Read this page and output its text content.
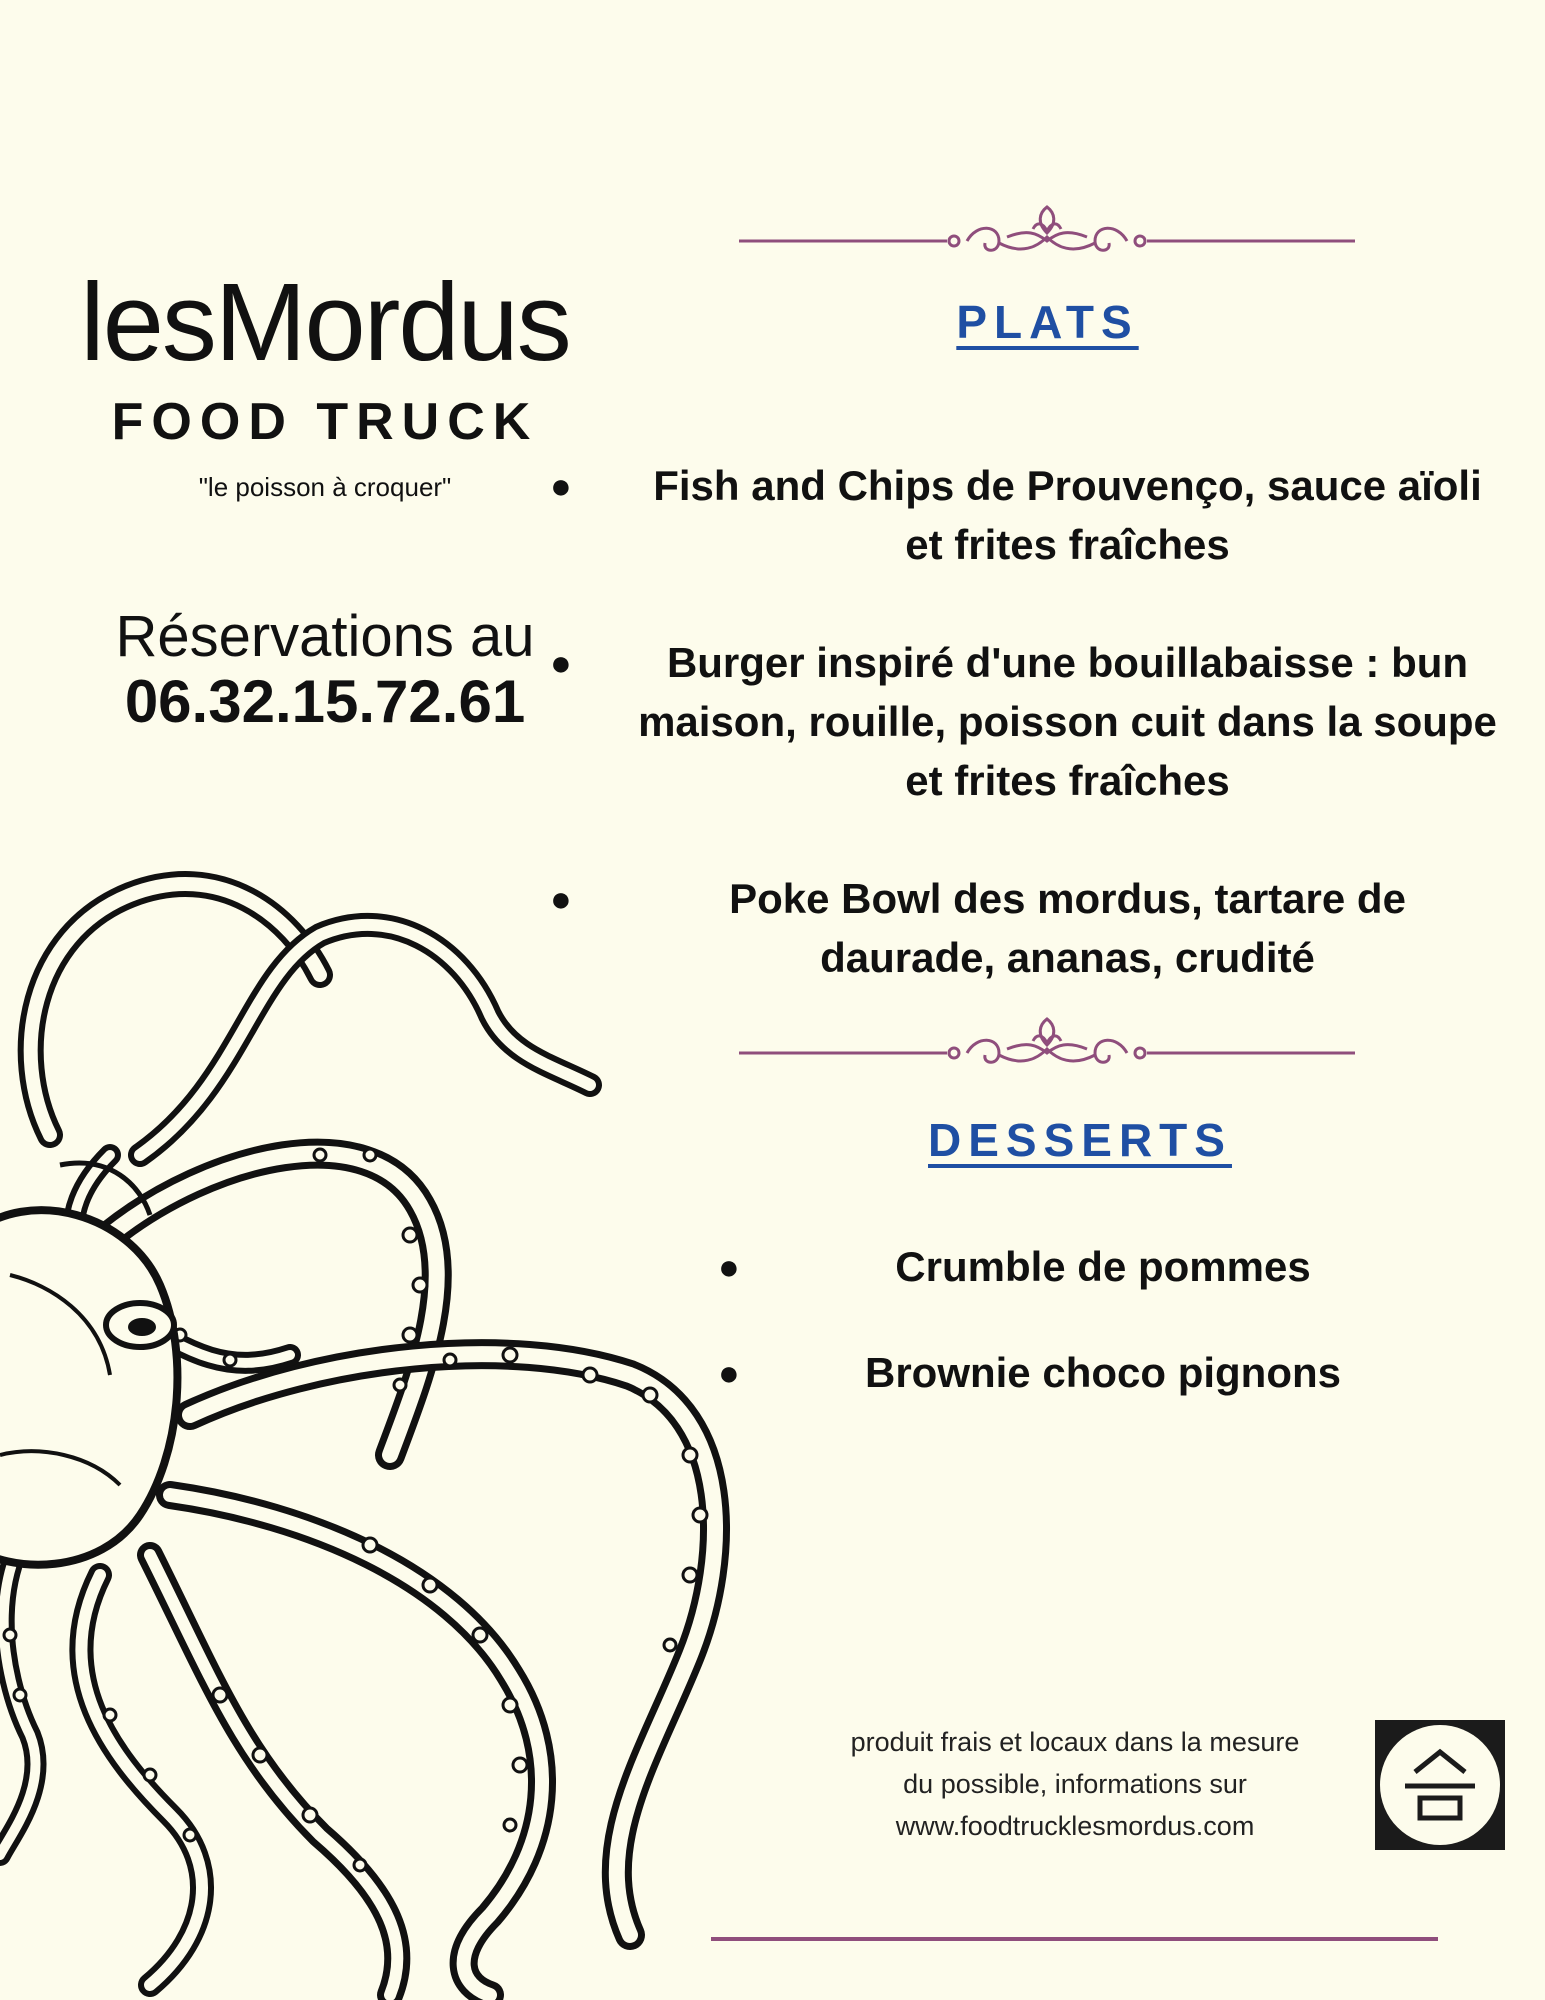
lesMordus
FOOD TRUCK
"le poisson à croquer"
Réservations au
06.32.15.72.61
PLATS
●	Fish and Chips de Prouvenço, sauce aïoli
et frites fraîches
●	Burger inspiré d'une bouillabaisse : bun
maison, rouille, poisson cuit dans la soupe
et frites fraîches
●	Poke Bowl des mordus, tartare de
daurade, ananas, crudité
DESSERTS
●	Crumble de pommes
●	Brownie choco pignons
produit frais et locaux dans la mesure
du possible, informations sur
www.foodtrucklesmordus.com
